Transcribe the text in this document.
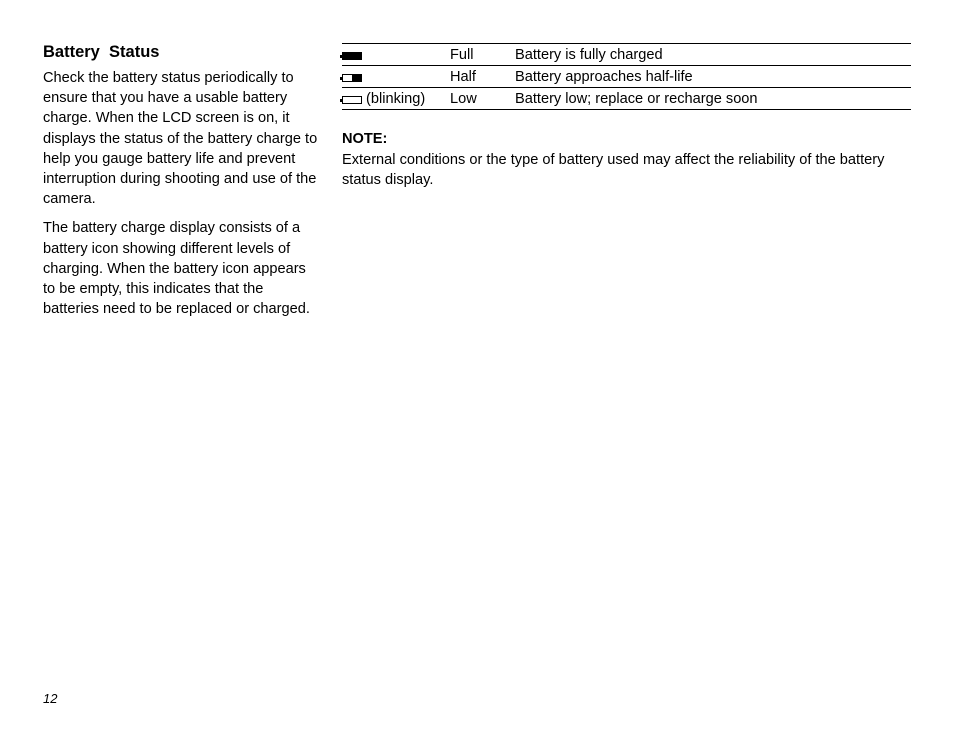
Battery  Status

Check the battery status periodically to ensure that you have a usable battery charge. When the LCD screen is on, it displays the status of the battery charge to help you gauge battery life and prevent interruption during shooting and use of the camera.

The battery charge display consists of a battery icon showing different levels of charging. When the battery icon appears to be empty, this indicates that the batteries need to be replaced or charged.

	Full	Battery is fully charged

	Half	Battery approaches half-life

(blinking)	Low	Battery low; replace or recharge soon
NOTE:

External conditions or the type of battery used may affect the reliability of the battery status display.

12
